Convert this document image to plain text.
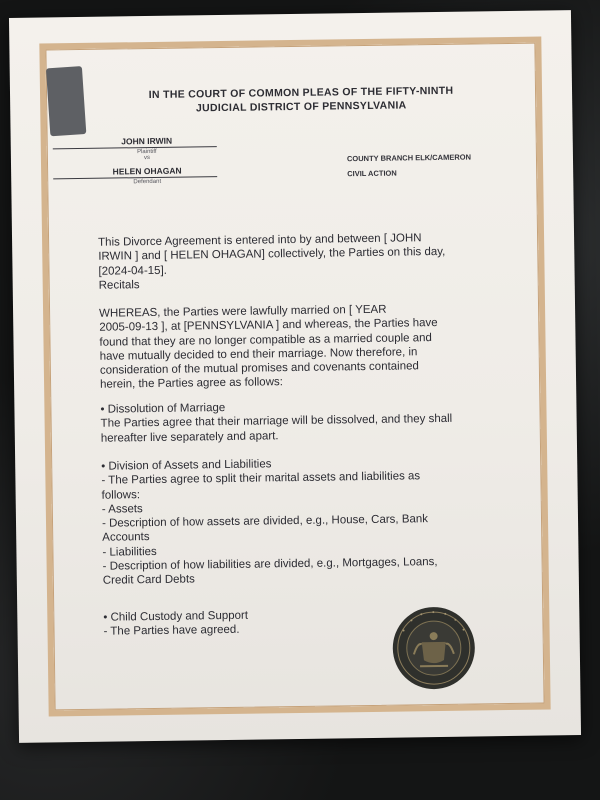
IN THE COURT OF COMMON PLEAS OF THE FIFTY-NINTH
JUDICIAL DISTRICT OF PENNSYLVANIA
JOHN IRWIN
Plaintiff
vs
HELEN OHAGAN
Defendant
COUNTY BRANCH ELK/CAMERON
CIVIL ACTION
This Divorce Agreement is entered into by and between [ JOHN
IRWIN ] and [ HELEN OHAGAN] collectively, the Parties on this day,
[2024-04-15].
Recitals
WHEREAS, the Parties were lawfully married on [ YEAR
2005-09-13 ], at [PENNSYLVANIA ] and whereas, the Parties have
found that they are no longer compatible as a married couple and
have mutually decided to end their marriage. Now therefore, in
consideration of the mutual promises and covenants contained
herein, the Parties agree as follows:
• Dissolution of Marriage
The Parties agree that their marriage will be dissolved, and they shall
hereafter live separately and apart.
• Division of Assets and Liabilities
- The Parties agree to split their marital assets and liabilities as
follows:
- Assets
- Description of how assets are divided, e.g., House, Cars, Bank
Accounts
- Liabilities
- Description of how liabilities are divided, e.g., Mortgages, Loans,
Credit Card Debts
• Child Custody and Support
- The Parties have agreed.
